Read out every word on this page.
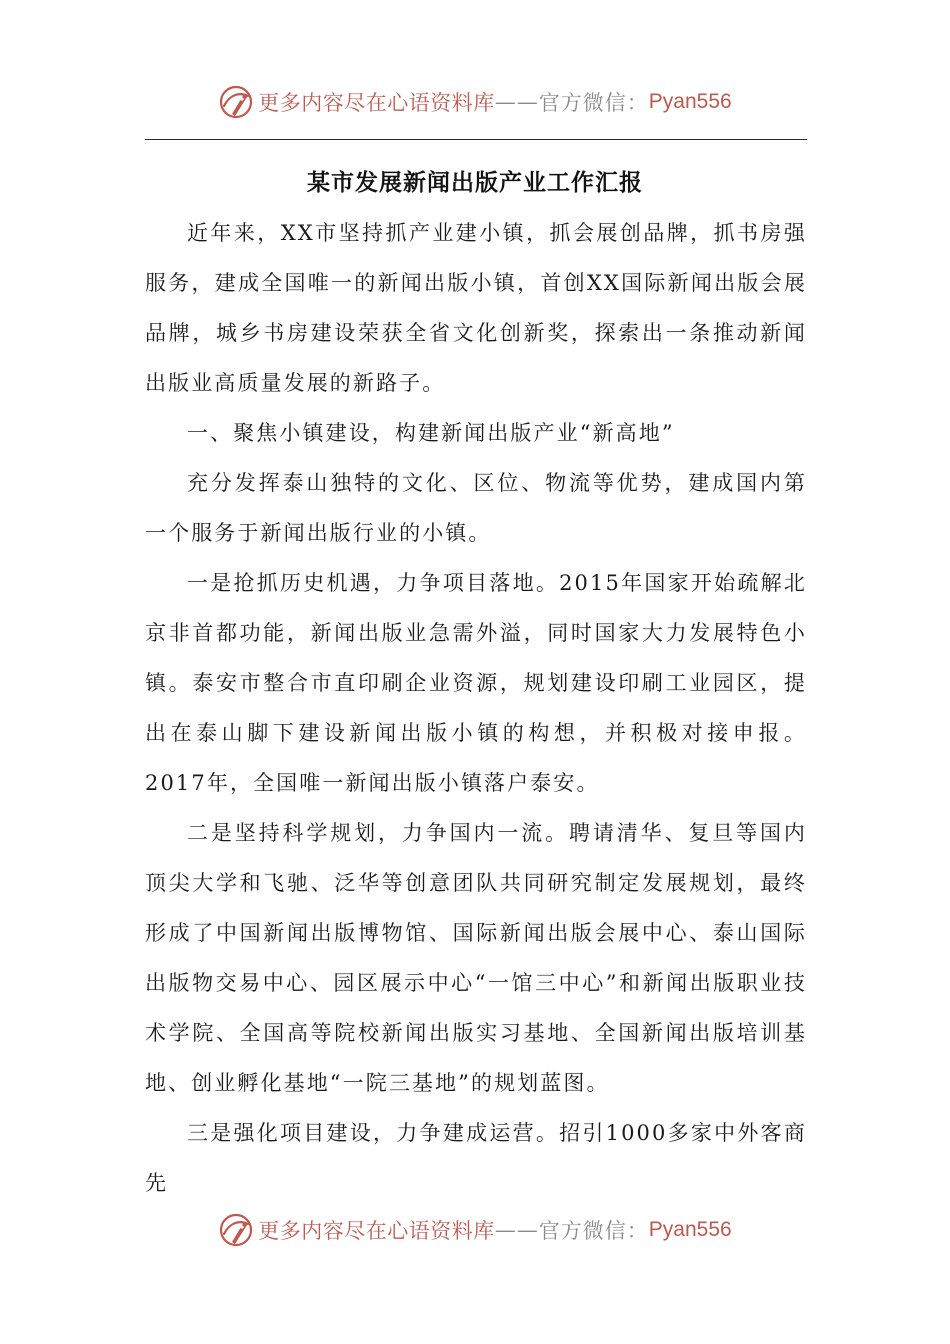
更多内容尽在心语资料库 —— 官方微信： Pyan556
某市发展新闻出版产业工作汇报

近年来，XX市坚持抓产业建小镇，抓会展创品牌，抓书房强服务，建成全国唯一的新闻出版小镇，首创XX国际新闻出版会展品牌，城乡书房建设荣获全省文化创新奖，探索出一条推动新闻出版业高质量发展的新路子。

一、聚焦小镇建设，构建新闻出版产业“新高地”

充分发挥泰山独特的文化、区位、物流等优势，建成国内第一个服务于新闻出版行业的小镇。

一是抢抓历史机遇，力争项目落地。2015年国家开始疏解北京非首都功能，新闻出版业急需外溢，同时国家大力发展特色小镇。泰安市整合市直印刷企业资源，规划建设印刷工业园区，提出在泰山脚下建设新闻出版小镇的构想，并积极对接申报。2017年，全国唯一新闻出版小镇落户泰安。

二是坚持科学规划，力争国内一流。聘请清华、复旦等国内顶尖大学和飞驰、泛华等创意团队共同研究制定发展规划，最终形成了中国新闻出版博物馆、国际新闻出版会展中心、泰山国际出版物交易中心、园区展示中心“一馆三中心”和新闻出版职业技术学院、全国高等院校新闻出版实习基地、全国新闻出版培训基地、创业孵化基地“一院三基地”的规划蓝图。

三是强化项目建设，力争建成运营。招引1000多家中外客商先

更多内容尽在心语资料库 —— 官方微信： Pyan556
